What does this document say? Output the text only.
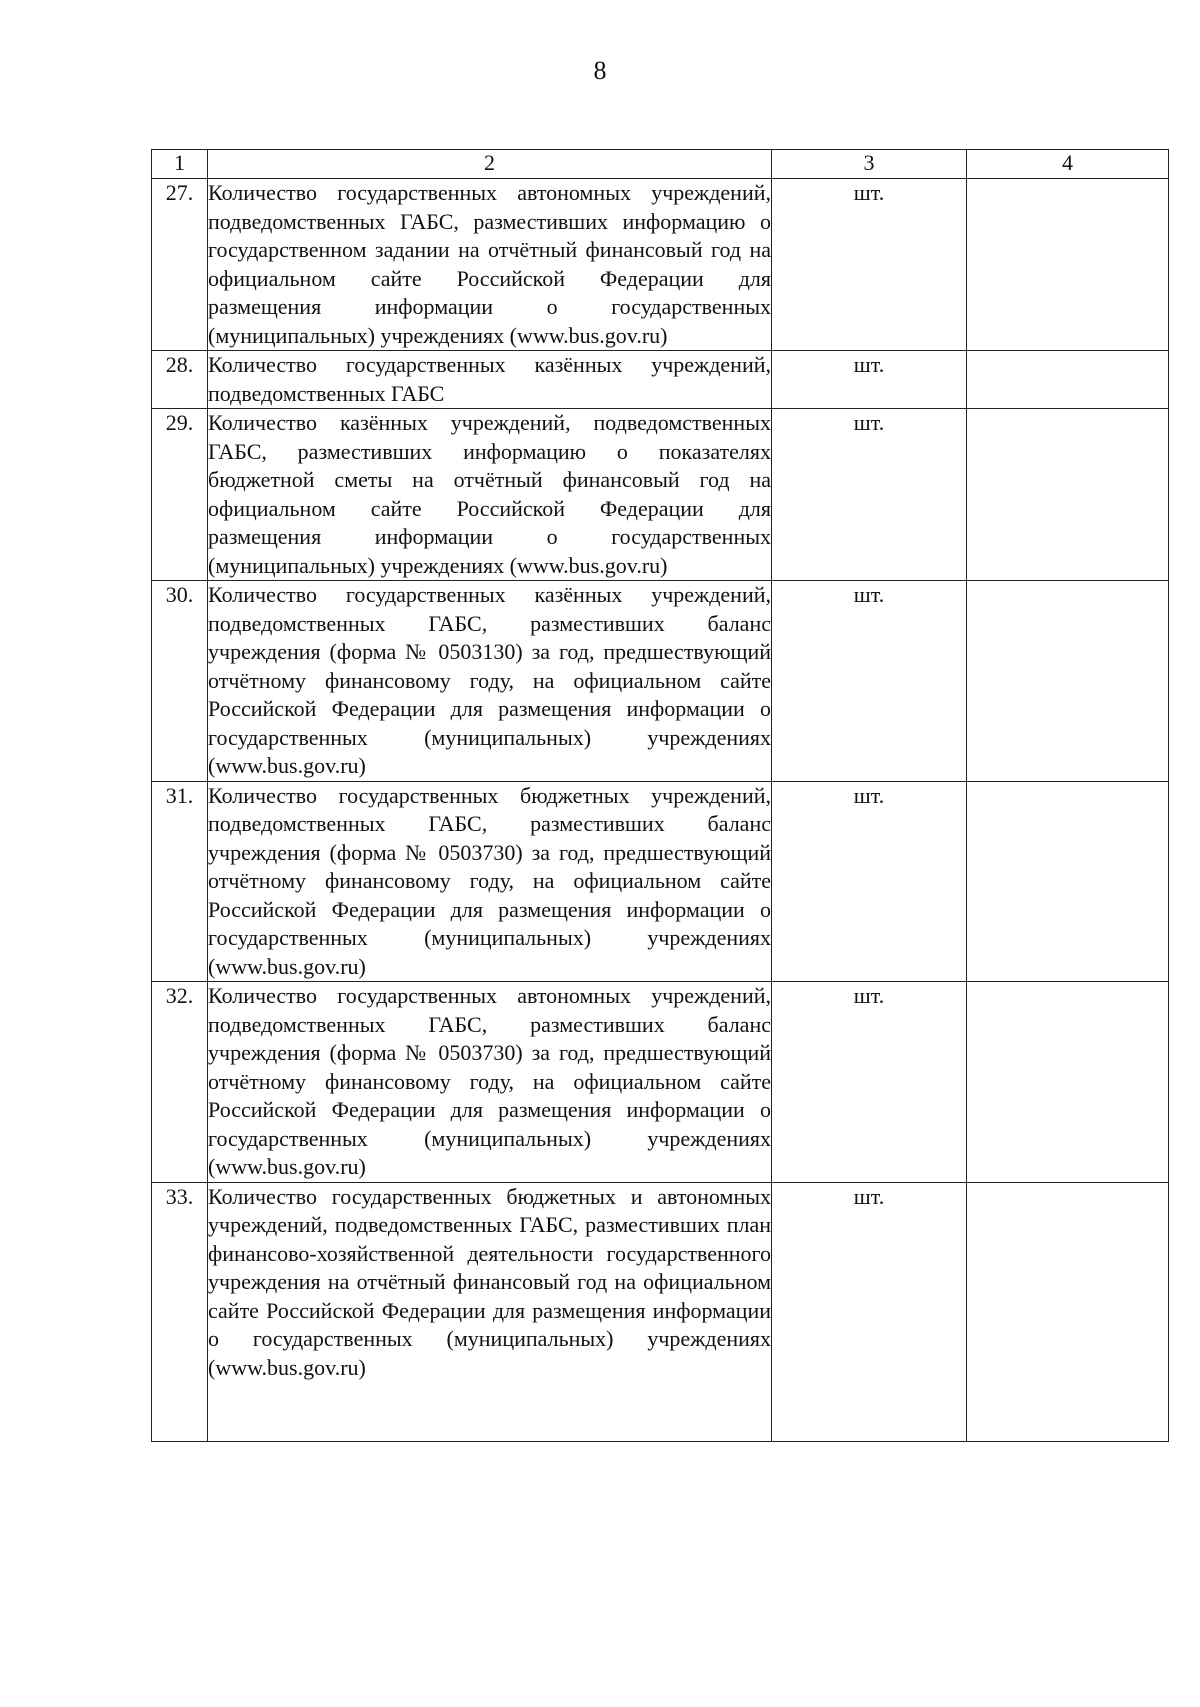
8
1	2	3	4
27.	Количество государственных автономных учреждений, подведомственных ГАБС, разместивших информацию о государственном задании на отчётный финансовый год на официальном сайте Российской Федерации для размещения информации о государственных (муниципальных) учреждениях (www.bus.gov.ru)	шт.	
28.	Количество государственных казённых учреждений, подведомственных ГАБС	шт.	
29.	Количество казённых учреждений, подведомственных ГАБС, разместивших информацию о показателях бюджетной сметы на отчётный финансовый год на официальном сайте Российской Федерации для размещения информации о государственных (муниципальных) учреждениях (www.bus.gov.ru)	шт.	
30.	Количество государственных казённых учреждений, подведомственных ГАБС, разместивших баланс учреждения (форма № 0503130) за год, предшествующий отчётному финансовому году, на официальном сайте Российской Федерации для размещения информации о государственных (муниципальных) учреждениях (www.bus.gov.ru)	шт.	
31.	Количество государственных бюджетных учреждений, подведомственных ГАБС, разместивших баланс учреждения (форма № 0503730) за год, предшествующий отчётному финансовому году, на официальном сайте Российской Федерации для размещения информации о государственных (муниципальных) учреждениях (www.bus.gov.ru)	шт.	
32.	Количество государственных автономных учреждений, подведомственных ГАБС, разместивших баланс учреждения (форма № 0503730) за год, предшествующий отчётному финансовому году, на официальном сайте Российской Федерации для размещения информации о государственных (муниципальных) учреждениях (www.bus.gov.ru)	шт.	
33.	Количество государственных бюджетных и автономных учреждений, подведомственных ГАБС, разместивших план финансово-хозяйственной деятельности государственного учреждения на отчётный финансовый год на официальном сайте Российской Федерации для размещения информации о государственных (муниципальных) учреждениях (www.bus.gov.ru)	шт.	
